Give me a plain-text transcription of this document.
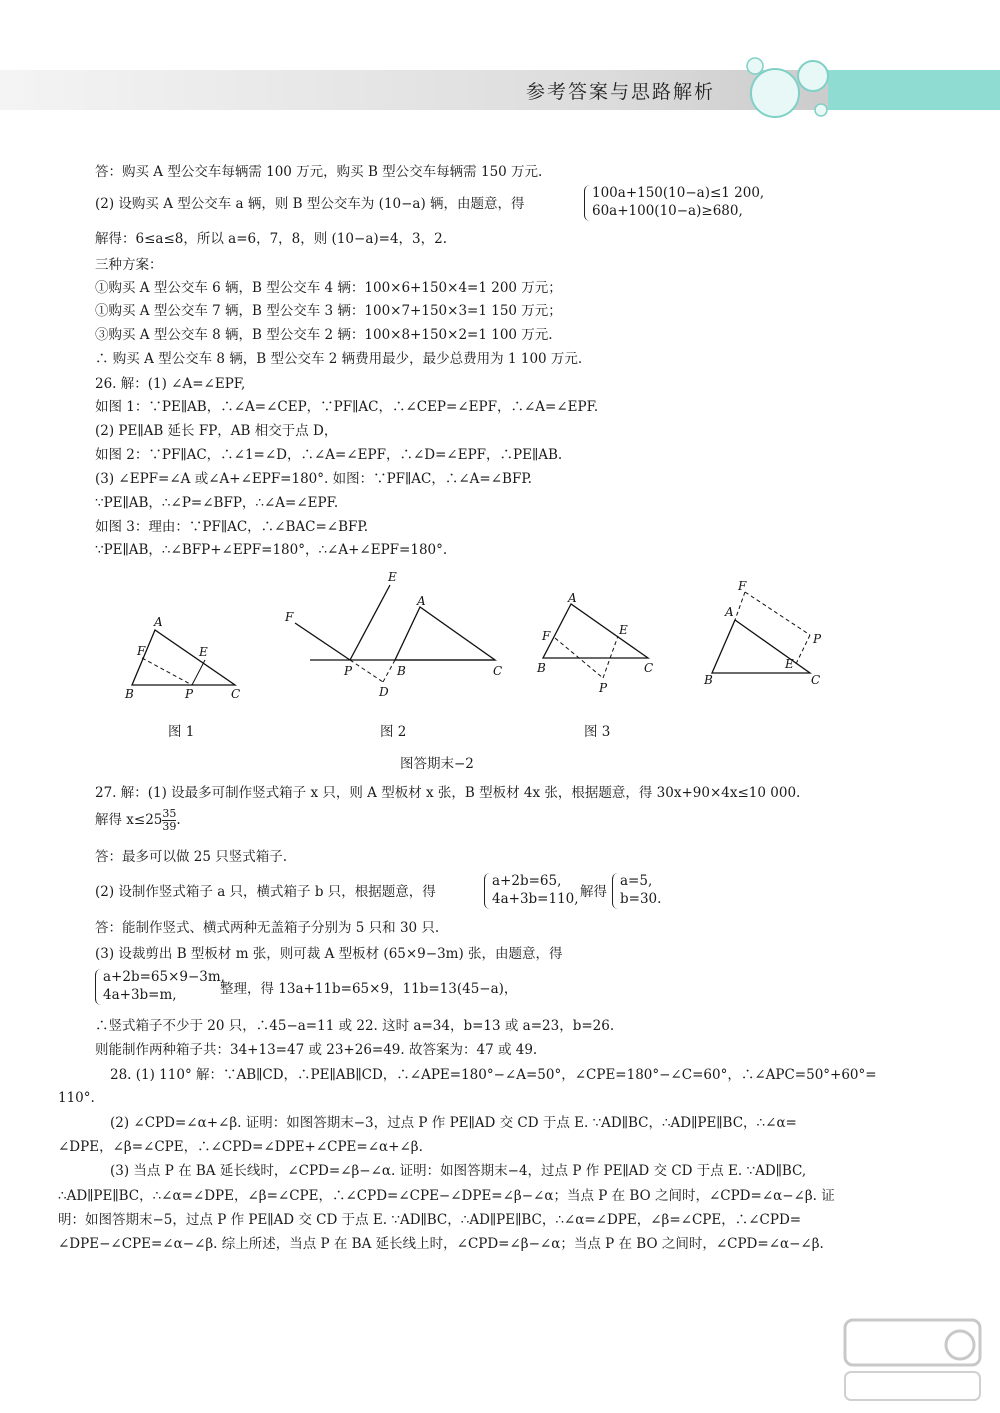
参考答案与思路解析
答：购买 A 型公交车每辆需 100 万元，购买 B 型公交车每辆需 150 万元.
(2) 设购买 A 型公交车 a 辆，则 B 型公交车为 (10−a) 辆，由题意，得
100a+150(10−a)≤1 200,
60a+100(10−a)≥680,
解得：6≤a≤8，所以 a=6，7，8，则 (10−a)=4，3，2.
三种方案：
①购买 A 型公交车 6 辆，B 型公交车 4 辆：100×6+150×4=1 200 万元；
①购买 A 型公交车 7 辆，B 型公交车 3 辆：100×7+150×3=1 150 万元；
③购买 A 型公交车 8 辆，B 型公交车 2 辆：100×8+150×2=1 100 万元.
∴ 购买 A 型公交车 8 辆，B 型公交车 2 辆费用最少，最少总费用为 1 100 万元.
26. 解：(1) ∠A=∠EPF,
如图 1：∵PE∥AB，∴∠A=∠CEP，∵PF∥AC，∴∠CEP=∠EPF，∴∠A=∠EPF.
(2) PE∥AB 延长 FP，AB 相交于点 D，
如图 2：∵PF∥AC，∴∠1=∠D，∴∠A=∠EPF，∴∠D=∠EPF，∴PE∥AB.
(3) ∠EPF=∠A 或∠A+∠EPF=180°. 如图：∵PF∥AC，∴∠A=∠BFP.
∵PE∥AB，∴∠P=∠BFP，∴∠A=∠EPF.
如图 3：理由：∵PF∥AC，∴∠BAC=∠BFP.
∵PE∥AB，∴∠BFP+∠EPF=180°，∴∠A+∠EPF=180°.
A
F	E
B	P	C
图 1
E
F
A
P	B	C
D
图 2
A
F	E
B	C
P
图 3
F
A
P
E
B	C
图答期末−2
27. 解：(1) 设最多可制作竖式箱子 x 只，则 A 型板材 x 张，B 型板材 4x 张，根据题意，得 30x+90×4x≤10 000.
解得 $x\le 25 \frac{35}{39}$ .
答：最多可以做 25 只竖式箱子.
(2) 设制作竖式箱子 a 只，横式箱子 b 只，根据题意，得
a+2b=65,
4a+3b=110, 解得
a=5,
b=30.
答：能制作竖式、横式两种无盖箱子分别为 5 只和 30 只.
(3) 设裁剪出 B 型板材 m 张，则可裁 A 型板材 (65×9−3m) 张，由题意，得
a+2b=65×9−3m,
4a+3b=m,	整理，得 13a+11b=65×9，11b=13(45−a)，
∴竖式箱子不少于 20 只，∴45−a=11 或 22. 这时 a=34，b=13 或 a=23，b=26.
则能制作两种箱子共：34+13=47 或 23+26=49. 故答案为：47 或 49.
28. (1) 110° 解：∵AB∥CD，∴PE∥AB∥CD，∴∠APE=180°−∠A=50°，∠CPE=180°−∠C=60°，∴∠APC=50°+60°=
110°.
(2) ∠CPD=∠α+∠β. 证明：如图答期末−3，过点 P 作 PE∥AD 交 CD 于点 E. ∵AD∥BC，∴AD∥PE∥BC，∴∠α=
∠DPE，∠β=∠CPE，∴∠CPD=∠DPE+∠CPE=∠α+∠β.
(3) 当点 P 在 BA 延长线时，∠CPD=∠β−∠α. 证明：如图答期末−4，过点 P 作 PE∥AD 交 CD 于点 E. ∵AD∥BC,
∴AD∥PE∥BC，∴∠α=∠DPE，∠β=∠CPE，∴∠CPD=∠CPE−∠DPE=∠β−∠α；当点 P 在 BO 之间时，∠CPD=∠α−∠β. 证
明：如图答期末−5，过点 P 作 PE∥AD 交 CD 于点 E. ∵AD∥BC，∴AD∥PE∥BC，∴∠α=∠DPE，∠β=∠CPE，∴∠CPD=
∠DPE−∠CPE=∠α−∠β. 综上所述，当点 P 在 BA 延长线上时，∠CPD=∠β−∠α；当点 P 在 BO 之间时，∠CPD=∠α−∠β.
